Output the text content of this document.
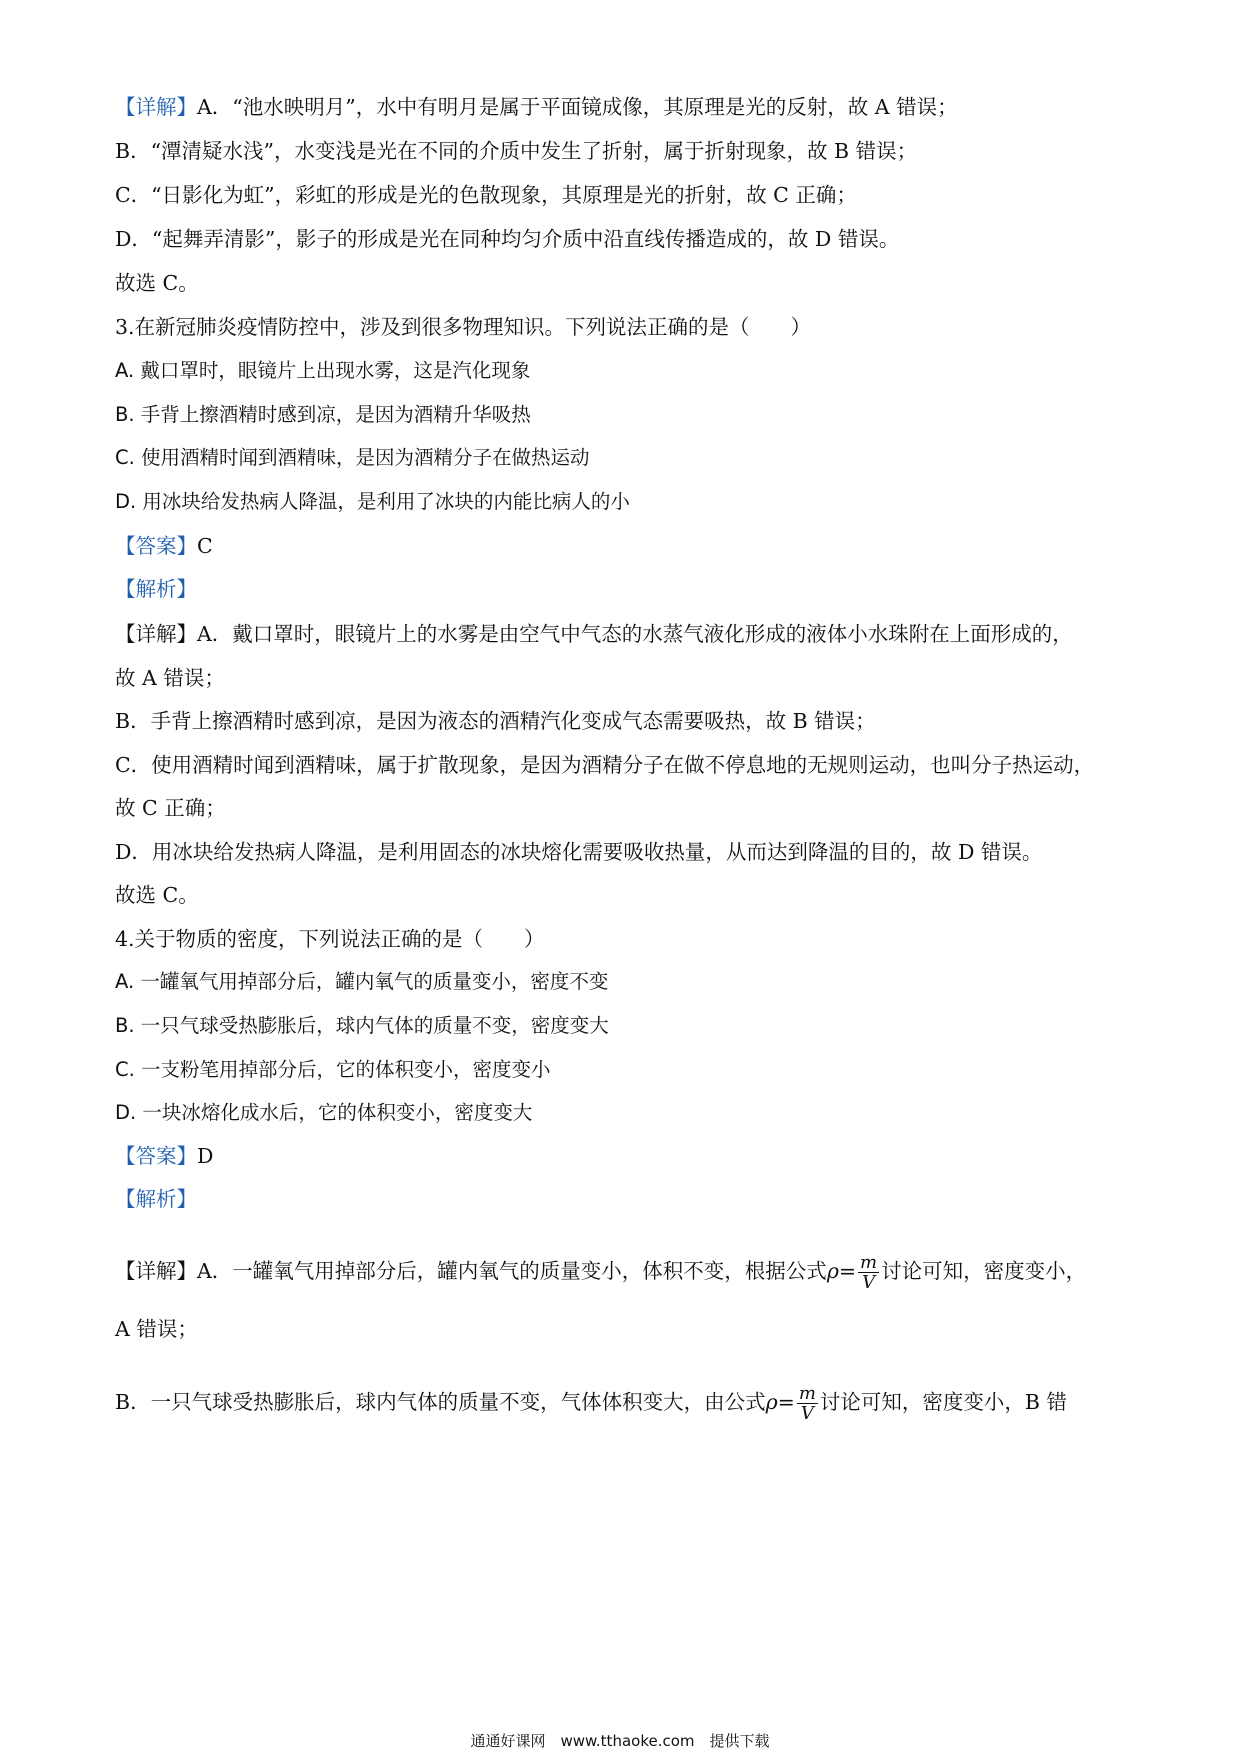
【详解】A．“池水映明月”，水中有明月是属于平面镜成像，其原理是光的反射，故 A 错误；
B．“潭清疑水浅”，水变浅是光在不同的介质中发生了折射，属于折射现象，故 B 错误；
C．“日影化为虹”，彩虹的形成是光的色散现象，其原理是光的折射，故 C 正确；
D．“起舞弄清影”，影子的形成是光在同种均匀介质中沿直线传播造成的，故 D 错误。
故选 C。
3.在新冠肺炎疫情防控中，涉及到很多物理知识。下列说法正确的是（　　）
A. 戴口罩时，眼镜片上出现水雾，这是汽化现象
B. 手背上擦酒精时感到凉，是因为酒精升华吸热
C. 使用酒精时闻到酒精味，是因为酒精分子在做热运动
D. 用冰块给发热病人降温，是利用了冰块的内能比病人的小
【答案】C
【解析】
【详解】A．戴口罩时，眼镜片上的水雾是由空气中气态的水蒸气液化形成的液体小水珠附在上面形成的，
故 A 错误；
B．手背上擦酒精时感到凉，是因为液态的酒精汽化变成气态需要吸热，故 B 错误；
C．使用酒精时闻到酒精味，属于扩散现象，是因为酒精分子在做不停息地的无规则运动，也叫分子热运动，
故 C 正确；
D．用冰块给发热病人降温，是利用固态的冰块熔化需要吸收热量，从而达到降温的目的，故 D 错误。
故选 C。
4.关于物质的密度，下列说法正确的是（　　）
A. 一罐氧气用掉部分后，罐内氧气的质量变小，密度不变
B. 一只气球受热膨胀后，球内气体的质量不变，密度变大
C. 一支粉笔用掉部分后，它的体积变小，密度变小
D. 一块冰熔化成水后，它的体积变小，密度变大
【答案】D
【解析】
【详解】A．一罐氧气用掉部分后，罐内氧气的质量变小，体积不变，根据公式$\rho= \frac{m}{V}$ 讨论可知，密度变小，
A 错误；
B．一只气球受热膨胀后，球内气体的质量不变，气体体积变大，由公式$\rho= \frac{m}{V}$ 讨论可知，密度变小，B 错
通通好课网　www.tthaoke.com　提供下载
